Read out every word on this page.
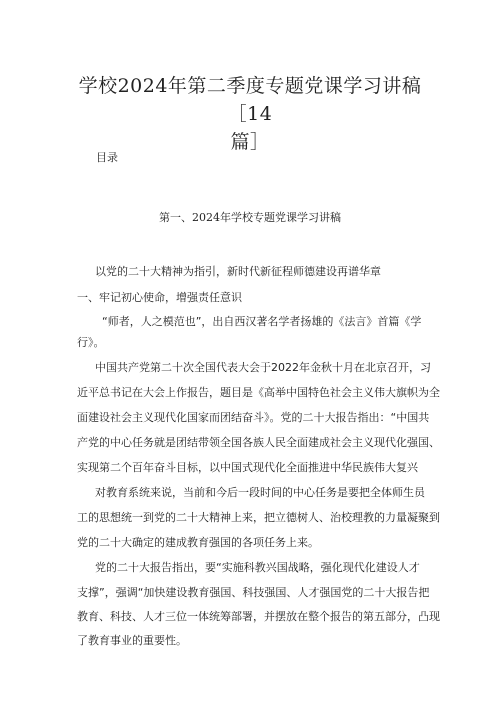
学校2024年第二季度专题党课学习讲稿［14
篇］
目录
第一、2024年学校专题党课学习讲稿
以党的二十大精神为指引，新时代新征程师德建设再谱华章
一、牢记初心使命，增强责任意识
“师者，人之模范也”，出自西汉著名学者扬雄的《法言》首篇《学
行》。
中国共产党第二十次全国代表大会于2022年金秋十月在北京召开，习
近平总书记在大会上作报告，题目是《高举中国特色社会主义伟大旗帜为全
面建设社会主义现代化国家而团结奋斗》。党的二十大报告指出：“中国共
产党的中心任务就是团结带领全国各族人民全面建成社会主义现代化强国、
实现第二个百年奋斗目标，以中国式现代化全面推进中华民族伟大复兴
对教育系统来说，当前和今后一段时间的中心任务是要把全体师生员
工的思想统一到党的二十大精神上来，把立德树人、治校理教的力量凝聚到
党的二十大确定的建成教育强国的各项任务上来。
党的二十大报告指出，要“实施科教兴国战略，强化现代化建设人才
支撑”，强调“加快建设教育强国、科技强国、人才强国党的二十大报告把
教育、科技、人才三位一体统筹部署，并摆放在整个报告的第五部分，凸现
了教育事业的重要性。
